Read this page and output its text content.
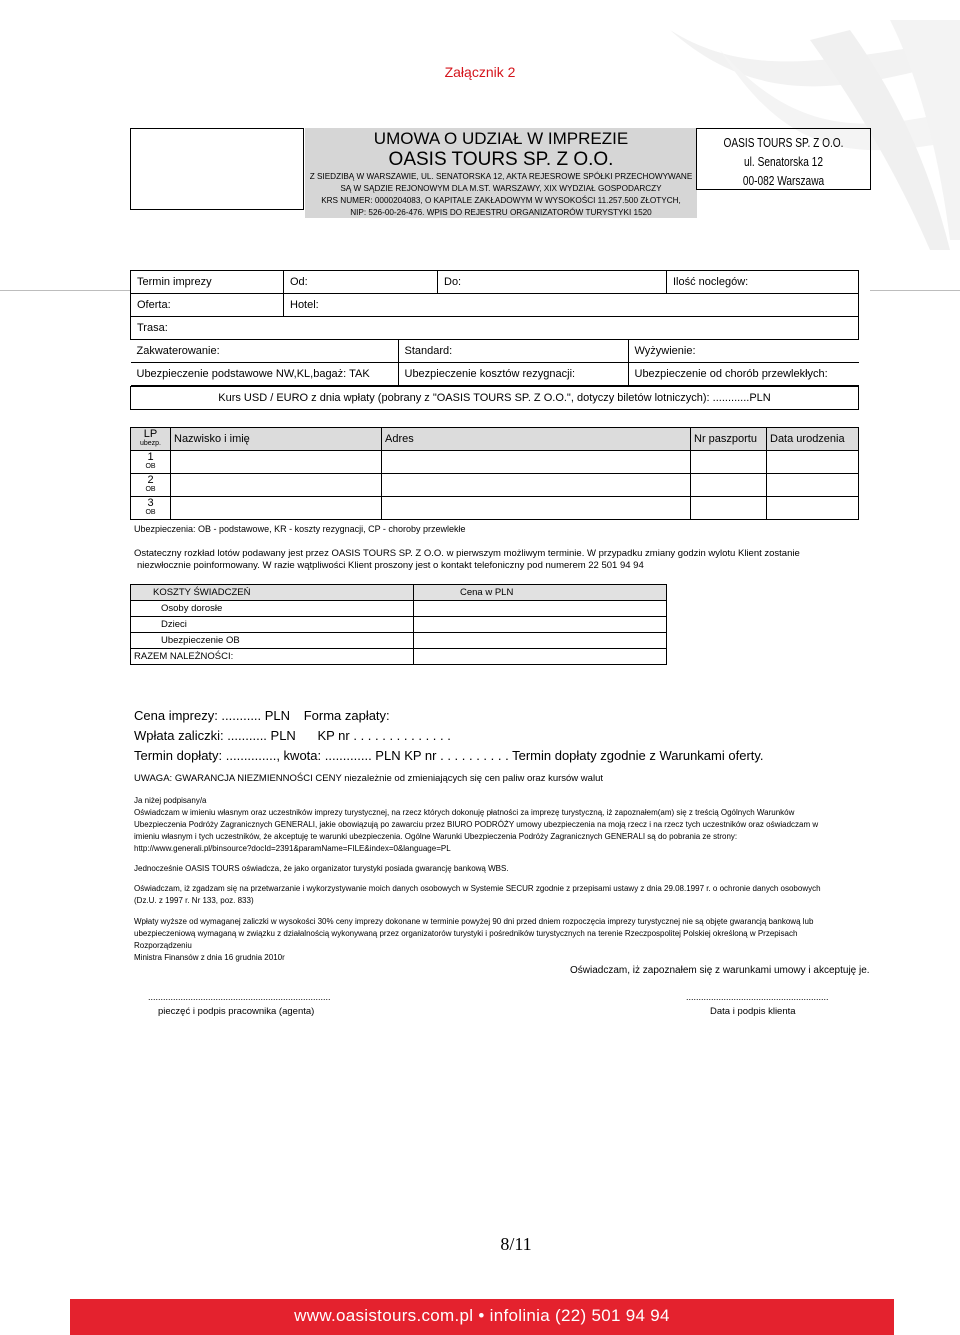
Załącznik 2
UMOWA O UDZIAŁ W IMPREZIE
OASIS TOURS SP. Z O.O.
Z SIEDZIBĄ W WARSZAWIE, UL. SENATORSKA 12, AKTA REJESROWE SPÓŁKI PRZECHOWYWANE
SĄ W SĄDZIE REJONOWYM DLA M.ST. WARSZAWY, XIX WYDZIAŁ GOSPODARCZY
KRS NUMER: 0000204083, O KAPITALE ZAKŁADOWYM W WYSOKOŚCI 11.257.500 ZŁOTYCH,
NIP: 526-00-26-476. WPIS DO REJESTRU ORGANIZATORÓW TURYSTYKI 1520
OASIS TOURS SP. Z O.O.
ul. Senatorska 12
00-082 Warszawa
Termin imprezy	Od:	Do:	Ilość noclegów:
Oferta:	Hotel:
Trasa:

Zakwaterowanie:	Standard:	Wyżywienie:
Ubezpieczenie podstawowe NW,KL,bagaż: TAK	Ubezpieczenie kosztów rezygnacji:	Ubezpieczenie od chorób przewlekłych:

Kurs USD / EURO z dnia wpłaty (pobrany z "OASIS TOURS SP. Z O.O.", dotyczy biletów lotniczych): ............PLN
LP
ubezp.	Nazwisko i imię	Adres	Nr paszportu	Data urodzenia

1
OB				

2
OB				

3
OB				

Ubezpieczenia: OB - podstawowe, KR - koszty rezygnacji, CP - choroby przewlekłe
Ostateczny rozkład lotów podawany jest przez OASIS TOURS SP. Z O.O. w pierwszym możliwym terminie. W przypadku zmiany godzin wylotu Klient zostanie
niezwłocznie poinformowany. W razie wątpliwości Klient proszony jest o kontakt telefoniczny pod numerem 22 501 94 94
KOSZTY ŚWIADCZEŃ	Cena w PLN
Osoby dorosłe	
Dzieci	
Ubezpieczenie OB	
RAZEM NALEŻNOŚCI:	
Cena imprezy: ........... PLN Forma zapłaty:
Wpłata zaliczki: ........... PLN KP nr . . . . . . . . . . . . . .
Termin dopłaty: .............., kwota: ............. PLN KP nr . . . . . . . . . . Termin dopłaty zgodnie z Warunkami oferty.
UWAGA: GWARANCJA NIEZMIENNOŚCI CENY niezależnie od zmieniających się cen paliw oraz kursów walut
Ja niżej podpisany/a
Oświadczam w imieniu własnym oraz uczestników imprezy turystycznej, na rzecz których dokonuję płatności za imprezę turystyczną, iż zapoznałem(am) się z treścią Ogólnych Warunków
Ubezpieczenia Podróży Zagranicznych GENERALI, jakie obowiązują po zawarciu przez BIURO PODRÓŻY umowy ubezpieczenia na moją rzecz i na rzecz tych uczestników oraz oświadczam w
imieniu własnym i tych uczestników, że akceptuję te warunki ubezpieczenia. Ogólne Warunki Ubezpieczenia Podróży Zagranicznych GENERALI są do pobrania ze strony:
http://www.generali.pl/binsource?docId=2391&paramName=FILE&index=0&language=PL
Jednocześnie OASIS TOURS oświadcza, że jako organizator turystyki posiada gwarancję bankową WBS.
Oświadczam, iż zgadzam się na przetwarzanie i wykorzystywanie moich danych osobowych w Systemie SECUR zgodnie z przepisami ustawy z dnia 29.08.1997 r. o ochronie danych osobowych
(Dz.U. z 1997 r. Nr 133, poz. 833)
Wpłaty wyższe od wymaganej zaliczki w wysokości 30% ceny imprezy dokonane w terminie powyżej 90 dni przed dniem rozpoczęcia imprezy turystycznej nie są objęte gwarancją bankową lub
ubezpieczeniową wymaganą w związku z działalnością wykonywaną przez organizatorów turystyki i pośredników turystycznych na terenie Rzeczpospolitej Polskiej określoną w Przepisach Rozporządzeniu
Ministra Finansów z dnia 16 grudnia 2010r
Oświadczam, iż zapoznałem się z warunkami umowy i akceptuję je.
.........................................................................
pieczęć i podpis pracownika (agenta)
.........................................................
Data i podpis klienta
8/11
www.oasistours.com.pl • infolinia (22) 501 94 94
